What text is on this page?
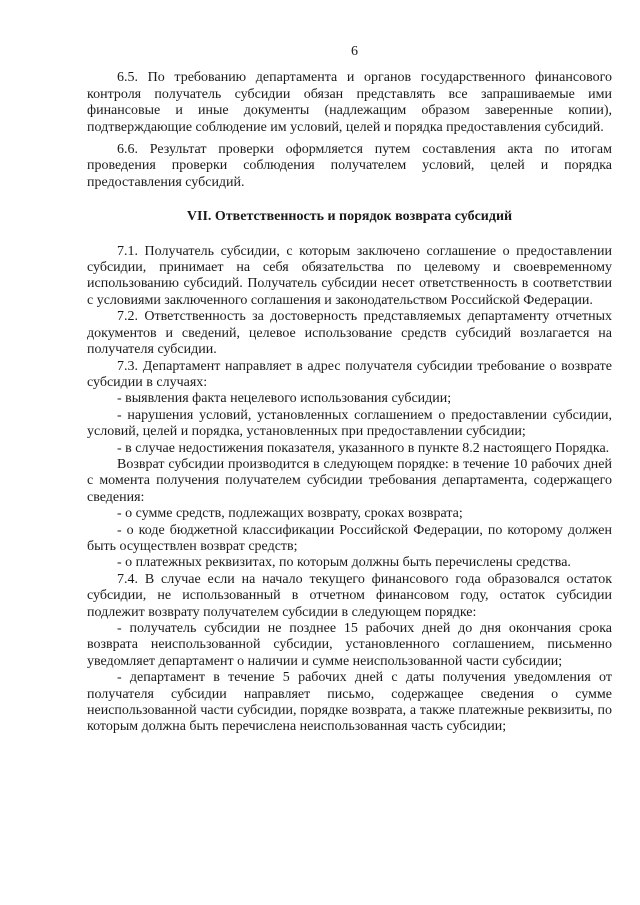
6

6.5. По требованию департамента и органов государственного финансового контроля получатель субсидии обязан представлять все запрашиваемые ими финансовые и иные документы (надлежащим образом заверенные копии), подтверждающие соблюдение им условий, целей и порядка предоставления субсидий.

6.6. Результат проверки оформляется путем составления акта по итогам проведения проверки соблюдения получателем условий, целей и порядка предоставления субсидий.

VII. Ответственность и порядок возврата субсидий

7.1. Получатель субсидии, с которым заключено соглашение о предоставлении субсидии, принимает на себя обязательства по целевому и своевременному использованию субсидий. Получатель субсидии несет ответственность в соответствии с условиями заключенного соглашения и законодательством Российской Федерации.

7.2. Ответственность за достоверность представляемых департаменту отчетных документов и сведений, целевое использование средств субсидий возлагается на получателя субсидии.

7.3. Департамент направляет в адрес получателя субсидии требование о возврате субсидии в случаях:

- выявления факта нецелевого использования субсидии;

- нарушения условий, установленных соглашением о предоставлении субсидии, условий, целей и порядка, установленных при предоставлении субсидии;

- в случае недостижения показателя, указанного в пункте 8.2 настоящего Порядка.

Возврат субсидии производится в следующем порядке: в течение 10 рабочих дней с момента получения получателем субсидии требования департамента, содержащего сведения:

- о сумме средств, подлежащих возврату, сроках возврата;

- о коде бюджетной классификации Российской Федерации, по которому должен быть осуществлен возврат средств;

- о платежных реквизитах, по которым должны быть перечислены средства.

7.4. В случае если на начало текущего финансового года образовался остаток субсидии, не использованный в отчетном финансовом году, остаток субсидии подлежит возврату получателем субсидии в следующем порядке:

- получатель субсидии не позднее 15 рабочих дней до дня окончания срока возврата неиспользованной субсидии, установленного соглашением, письменно уведомляет департамент о наличии и сумме неиспользованной части субсидии;

- департамент в течение 5 рабочих дней с даты получения уведомления от получателя субсидии направляет письмо, содержащее сведения о сумме неиспользованной части субсидии, порядке возврата, а также платежные реквизиты, по которым должна быть перечислена неиспользованная часть субсидии;
